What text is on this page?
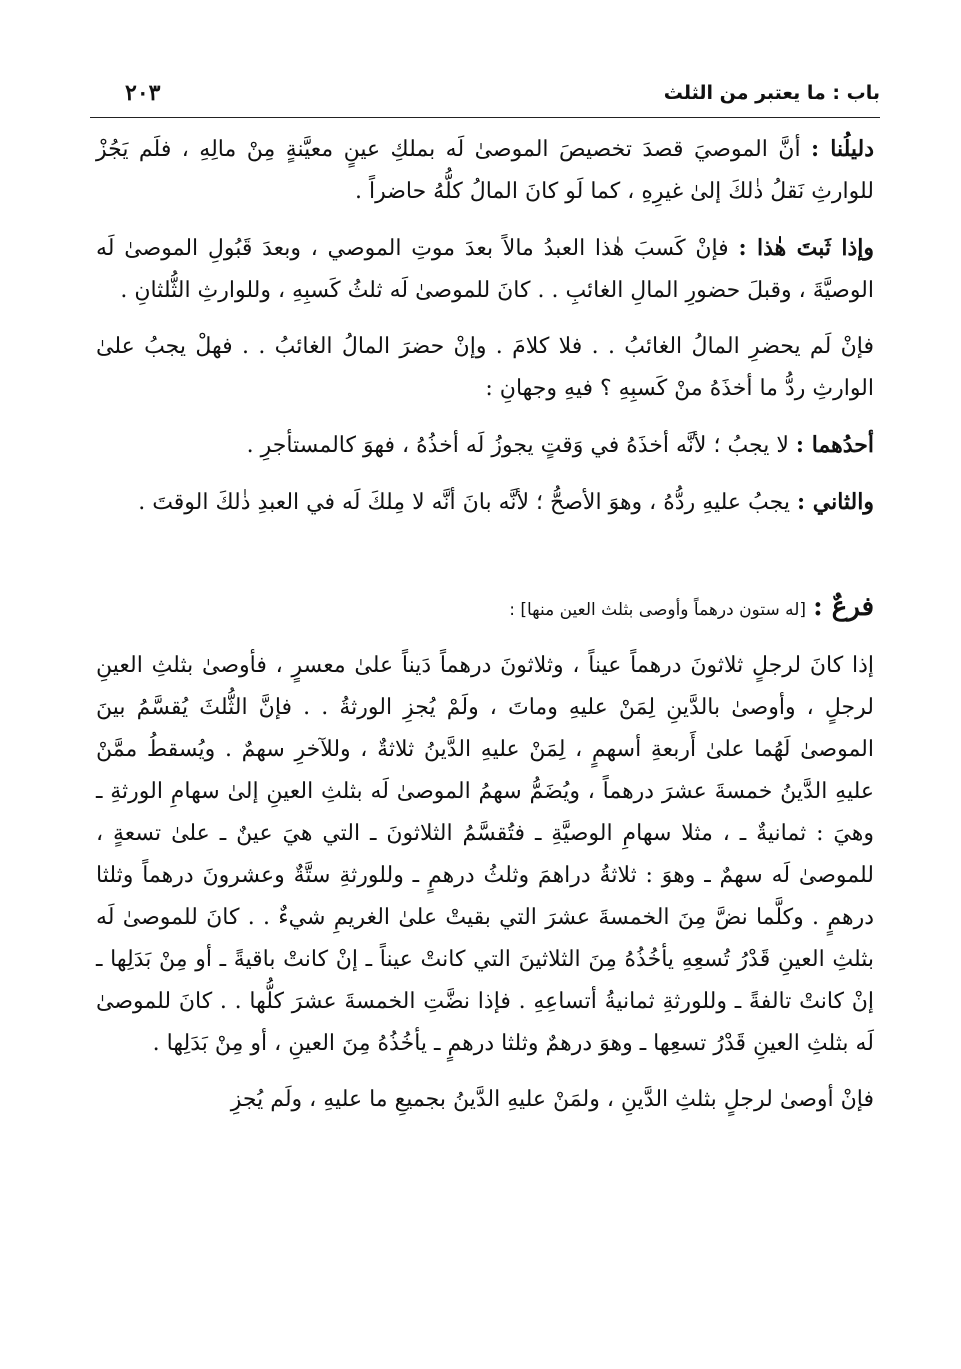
باب : ما يعتبر من الثلث
٢٠٣

دليلُنا : أنَّ الموصيَ قصدَ تخصيصَ الموصىٰ لَه بملكِ عينٍ معيَّنةٍ مِنْ مالِهِ ، فلَم يَجُزْ للوارثِ نَقلُ ذٰلكَ إلىٰ غيرِهِ ، كما لَو كانَ المالُ كلُّهُ حاضراً .

وإذا ثَبتَ هٰذا : فإنْ كَسبَ هٰذا العبدُ مالاً بعدَ موتِ الموصي ، وبعدَ قَبُولِ الموصىٰ لَه الوصيَّةَ ، وقبلَ حضورِ المالِ الغائبِ . . كانَ للموصىٰ لَه ثلثُ كَسبِهِ ، وللوارثِ الثُّلثانِ .

فإنْ لَم يحضرِ المالُ الغائبُ . . فلا كلامَ . وإنْ حضرَ المالُ الغائبُ . . فهلْ يجبُ علىٰ الوارثِ ردُّ ما أخذَهُ منْ كَسبِهِ ؟ فيهِ وجهانِ :

أحدُهما : لا يجبُ ؛ لأنَّه أخذَهُ في وَقتٍ يجوزُ لَه أخذُهُ ، فهوَ كالمستأجرِ .

والثاني : يجبُ عليهِ ردُّهُ ، وهوَ الأصحُّ ؛ لأنَّه بانَ أنَّه لا مِلكَ لَه في العبدِ ذٰلكَ الوقتَ .

فرعٌ : [له ستون درهماً وأوصى بثلث العين منها] :

إذا كانَ لرجلٍ ثلاثونَ درهماً عيناً ، وثلاثونَ درهماً دَيناً علىٰ معسرٍ ، فأوصىٰ بثلثِ العينِ لرجلٍ ، وأوصىٰ بالدَّينِ لِمَنْ عليهِ وماتَ ، ولَمْ يُجزِ الورثةُ . . فإنَّ الثُّلثَ يُقسَّمُ بينَ الموصىٰ لَهُما علىٰ أَربعةِ أسهمٍ ، لِمَنْ عليهِ الدَّينُ ثلاثةٌ ، وللآخرِ سهمٌ . ويُسقطُ ممَّنْ عليهِ الدَّينُ خمسةَ عشرَ درهماً ، ويُضَمُّ سهمُ الموصىٰ لَه بثلثِ العينِ إلىٰ سهامِ الورثةِ ـ وهيَ : ثمانيةٌ ـ ، مثلا سهامِ الوصيَّةِ ـ فتُقسَّمُ الثلاثونَ ـ التي هيَ عينٌ ـ علىٰ تسعةٍ ، للموصىٰ لَه سهمٌ ـ وهوَ : ثلاثةُ دراهمَ وثلثُ درهمٍ ـ وللورثةِ ستَّةٌ وعشرونَ درهماً وثلثا درهمٍ . وكلَّما نضَّ مِنَ الخمسةَ عشرَ التي بقيتْ علىٰ الغريمِ شيءٌ . . كانَ للموصىٰ لَه بثلثِ العينِ قَدْرُ تُسعِهِ يأخُذُهُ مِنَ الثلاثينَ التي كانتْ عيناً ـ إنْ كانتْ باقيةً ـ أو مِنْ بَدَلِها ـ إنْ كانتْ تالفةً ـ وللورثةِ ثمانيةُ أتساعِهِ . فإذا نضَّتِ الخمسةَ عشرَ كلُّها . . كانَ للموصىٰ لَه بثلثِ العينِ قَدْرُ تسعِها ـ وهوَ درهمٌ وثلثا درهمٍ ـ يأخُذُهُ مِنَ العينِ ، أو مِنْ بَدَلِها .

فإنْ أوصىٰ لرجلٍ بثلثِ الدَّينِ ، ولمَنْ عليهِ الدَّينُ بجميعِ ما عليهِ ، ولَم يُجزِ
